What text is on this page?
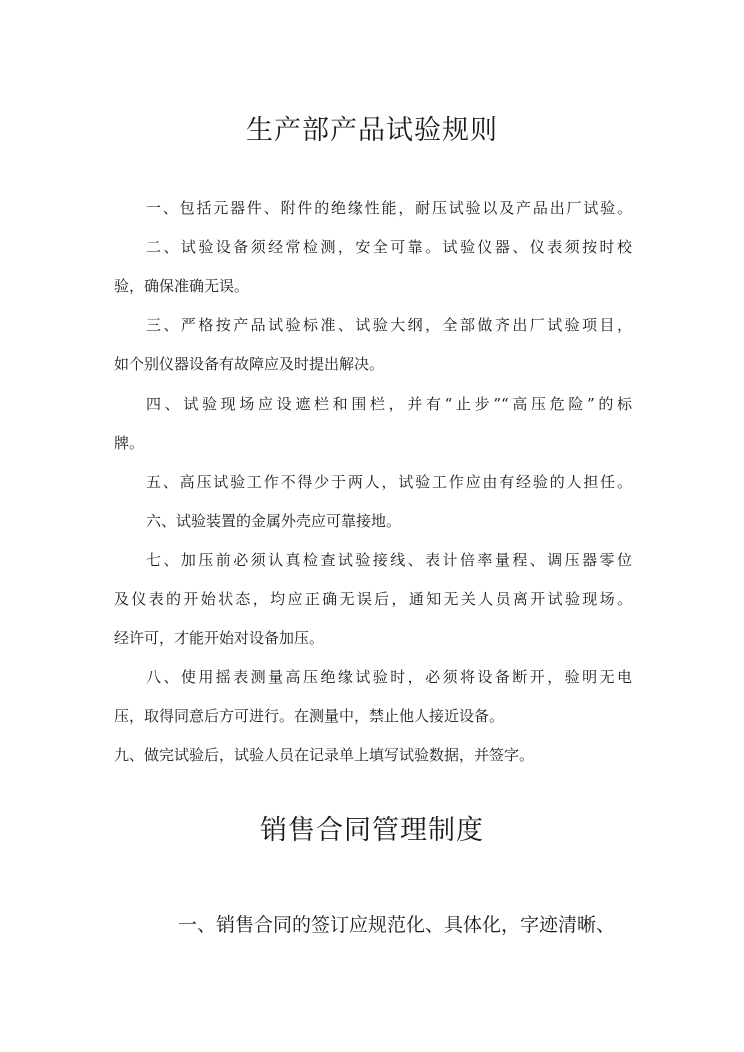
生产部产品试验规则
一、包括元器件、附件的绝缘性能，耐压试验以及产品出厂试验。
二、试验设备须经常检测，安全可靠。试验仪器、仪表须按时校
验，确保准确无误。
三、严格按产品试验标准、试验大纲，全部做齐出厂试验项目，
如个别仪器设备有故障应及时提出解决。
四、试验现场应设遮栏和围栏，并有“止步”“高压危险”的标
牌。
五、高压试验工作不得少于两人，试验工作应由有经验的人担任。
六、试验装置的金属外壳应可靠接地。
七、加压前必须认真检查试验接线、表计倍率量程、调压器零位
及仪表的开始状态，均应正确无误后，通知无关人员离开试验现场。
经许可，才能开始对设备加压。
八、使用摇表测量高压绝缘试验时，必须将设备断开，验明无电
压，取得同意后方可进行。在测量中，禁止他人接近设备。
九、做完试验后，试验人员在记录单上填写试验数据，并签字。
销售合同管理制度
一、销售合同的签订应规范化、具体化，字迹清晰、
